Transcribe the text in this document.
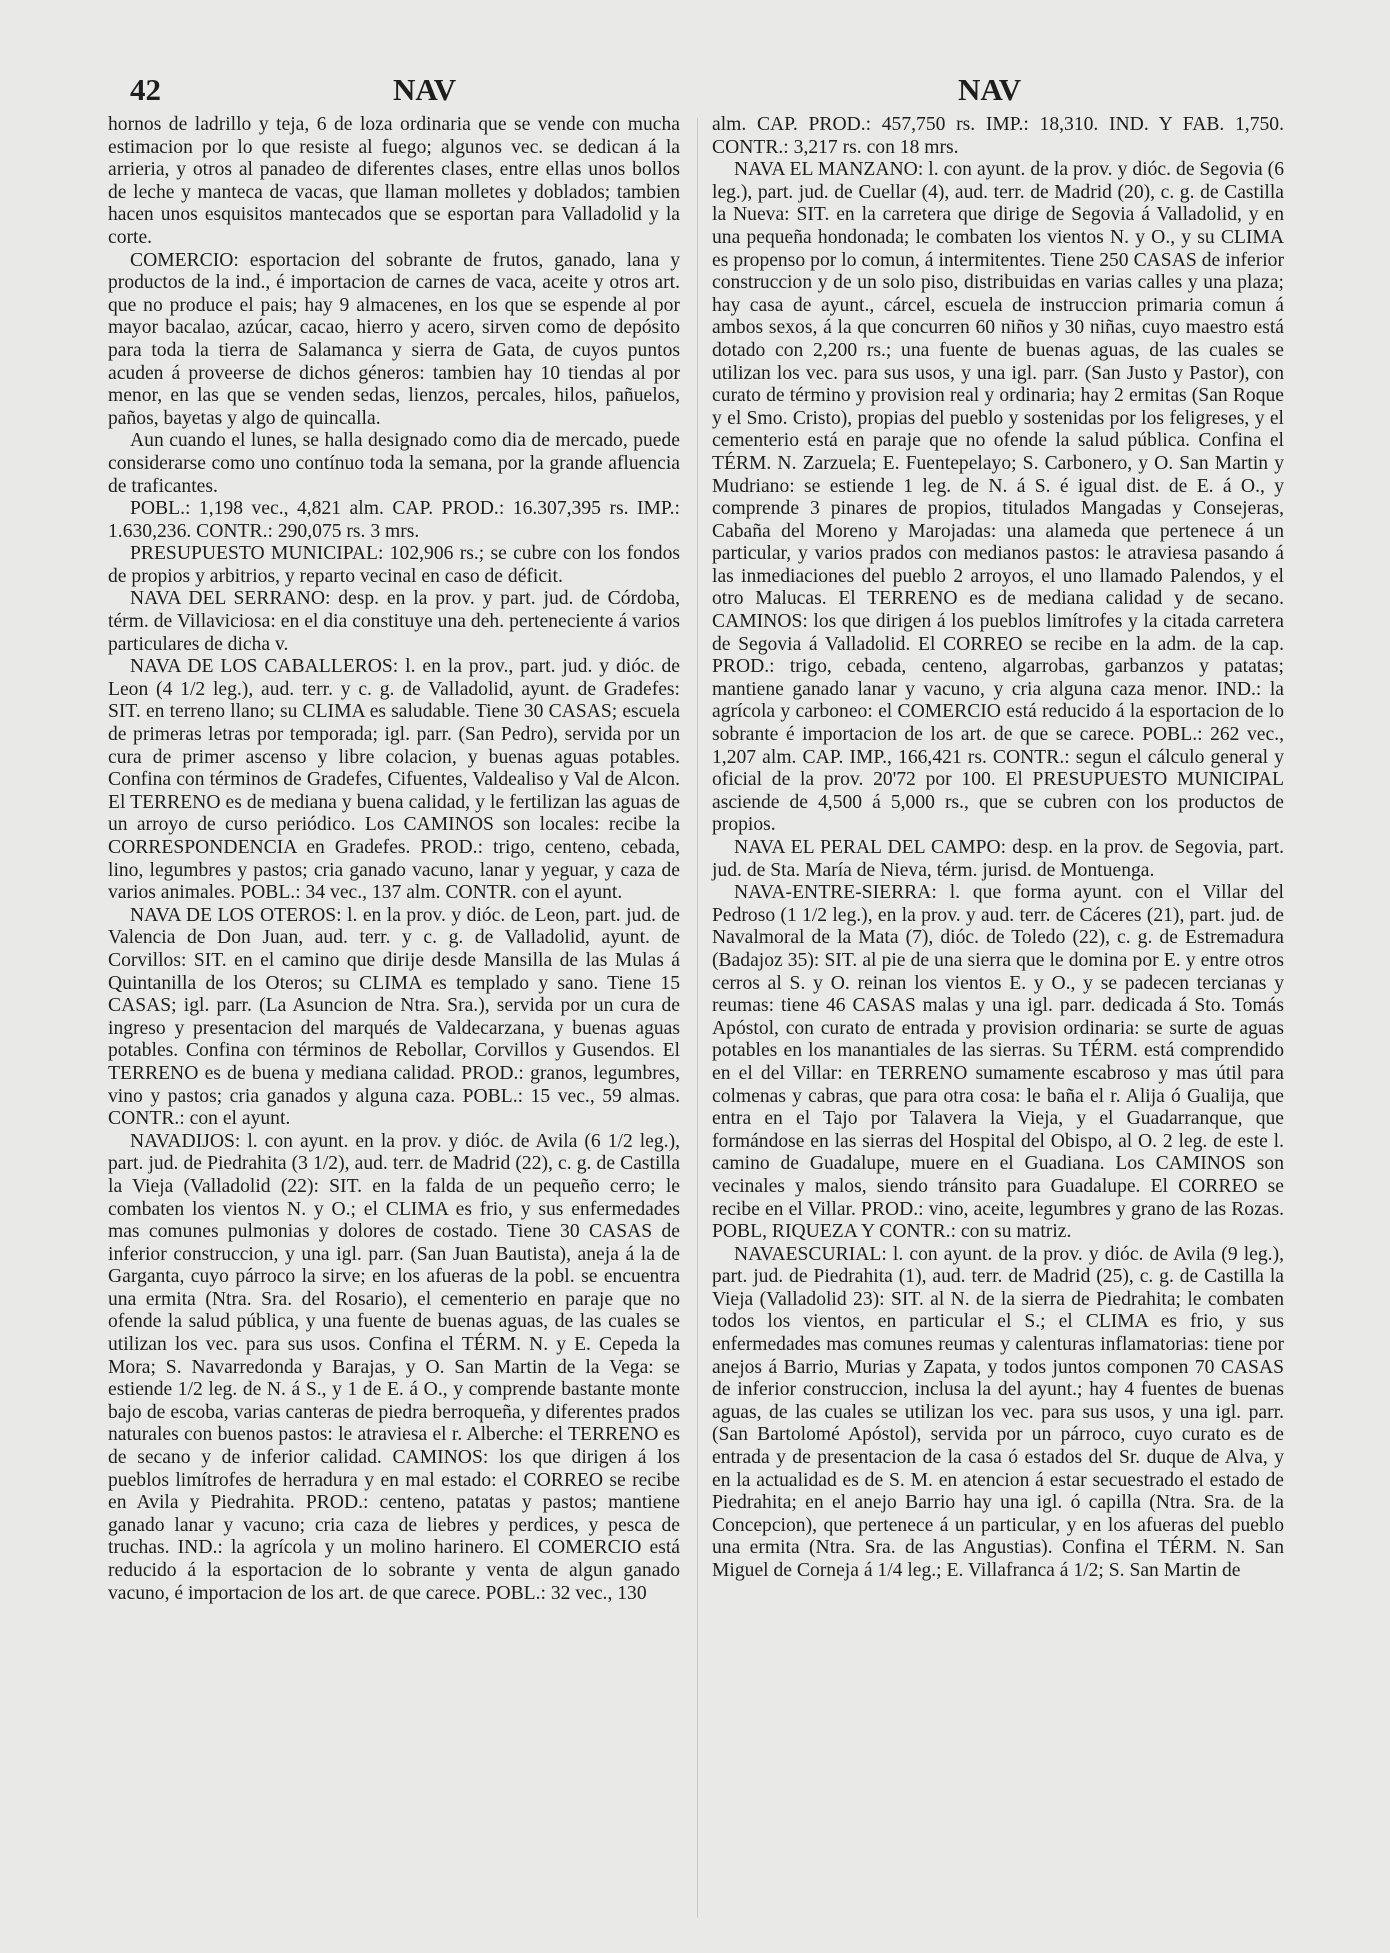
42	NAV	NAV

hornos de ladrillo y teja, 6 de loza ordinaria que se vende con mucha estimacion por lo que resiste al fuego; algunos vec. se dedican á la arrieria, y otros al panadeo de diferentes clases, entre ellas unos bollos de leche y manteca de vacas, que llaman molletes y doblados; tambien hacen unos esquisitos mantecados que se esportan para Valladolid y la corte.

COMERCIO: esportacion del sobrante de frutos, ganado, lana y productos de la ind., é importacion de carnes de vaca, aceite y otros art. que no produce el pais; hay 9 almacenes, en los que se espende al por mayor bacalao, azúcar, cacao, hierro y acero, sirven como de depósito para toda la tierra de Salamanca y sierra de Gata, de cuyos puntos acuden á proveerse de dichos géneros: tambien hay 10 tiendas al por menor, en las que se venden sedas, lienzos, percales, hilos, pañuelos, paños, bayetas y algo de quincalla.

Aun cuando el lunes, se halla designado como dia de mercado, puede considerarse como uno contínuo toda la semana, por la grande afluencia de traficantes.

POBL.: 1,198 vec., 4,821 alm. CAP. PROD.: 16.307,395 rs. IMP.: 1.630,236. CONTR.: 290,075 rs. 3 mrs.

PRESUPUESTO MUNICIPAL: 102,906 rs.; se cubre con los fondos de propios y arbitrios, y reparto vecinal en caso de déficit.

NAVA DEL SERRANO: desp. en la prov. y part. jud. de Córdoba, térm. de Villaviciosa: en el dia constituye una deh. perteneciente á varios particulares de dicha v.

NAVA DE LOS CABALLEROS: l. en la prov., part. jud. y dióc. de Leon (4 1/2 leg.), aud. terr. y c. g. de Valladolid, ayunt. de Gradefes: SIT. en terreno llano; su CLIMA es saludable. Tiene 30 CASAS; escuela de primeras letras por temporada; igl. parr. (San Pedro), servida por un cura de primer ascenso y libre colacion, y buenas aguas potables. Confina con términos de Gradefes, Cifuentes, Valdealiso y Val de Alcon. El TERRENO es de mediana y buena calidad, y le fertilizan las aguas de un arroyo de curso periódico. Los CAMINOS son locales: recibe la CORRESPONDENCIA en Gradefes. PROD.: trigo, centeno, cebada, lino, legumbres y pastos; cria ganado vacuno, lanar y yeguar, y caza de varios animales. POBL.: 34 vec., 137 alm. CONTR. con el ayunt.

NAVA DE LOS OTEROS: l. en la prov. y dióc. de Leon, part. jud. de Valencia de Don Juan, aud. terr. y c. g. de Valladolid, ayunt. de Corvillos: SIT. en el camino que dirije desde Mansilla de las Mulas á Quintanilla de los Oteros; su CLIMA es templado y sano. Tiene 15 CASAS; igl. parr. (La Asuncion de Ntra. Sra.), servida por un cura de ingreso y presentacion del marqués de Valdecarzana, y buenas aguas potables. Confina con términos de Rebollar, Corvillos y Gusendos. El TERRENO es de buena y mediana calidad. PROD.: granos, legumbres, vino y pastos; cria ganados y alguna caza. POBL.: 15 vec., 59 almas. CONTR.: con el ayunt.

NAVADIJOS: l. con ayunt. en la prov. y dióc. de Avila (6 1/2 leg.), part. jud. de Piedrahita (3 1/2), aud. terr. de Madrid (22), c. g. de Castilla la Vieja (Valladolid (22): SIT. en la falda de un pequeño cerro; le combaten los vientos N. y O.; el CLIMA es frio, y sus enfermedades mas comunes pulmonias y dolores de costado. Tiene 30 CASAS de inferior construccion, y una igl. parr. (San Juan Bautista), aneja á la de Garganta, cuyo párroco la sirve; en los afueras de la pobl. se encuentra una ermita (Ntra. Sra. del Rosario), el cementerio en paraje que no ofende la salud pública, y una fuente de buenas aguas, de las cuales se utilizan los vec. para sus usos. Confina el TÉRM. N. y E. Cepeda la Mora; S. Navarredonda y Barajas, y O. San Martin de la Vega: se estiende 1/2 leg. de N. á S., y 1 de E. á O., y comprende bastante monte bajo de escoba, varias canteras de piedra berroqueña, y diferentes prados naturales con buenos pastos: le atraviesa el r. Alberche: el TERRENO es de secano y de inferior calidad. CAMINOS: los que dirigen á los pueblos limítrofes de herradura y en mal estado: el CORREO se recibe en Avila y Piedrahita. PROD.: centeno, patatas y pastos; mantiene ganado lanar y vacuno; cria caza de liebres y perdices, y pesca de truchas. IND.: la agrícola y un molino harinero. El COMERCIO está reducido á la esportacion de lo sobrante y venta de algun ganado vacuno, é importacion de los art. de que carece. POBL.: 32 vec., 130

alm. CAP. PROD.: 457,750 rs. IMP.: 18,310. IND. Y FAB. 1,750. CONTR.: 3,217 rs. con 18 mrs.

NAVA EL MANZANO: l. con ayunt. de la prov. y dióc. de Segovia (6 leg.), part. jud. de Cuellar (4), aud. terr. de Madrid (20), c. g. de Castilla la Nueva: SIT. en la carretera que dirige de Segovia á Valladolid, y en una pequeña hondonada; le combaten los vientos N. y O., y su CLIMA es propenso por lo comun, á intermitentes. Tiene 250 CASAS de inferior construccion y de un solo piso, distribuidas en varias calles y una plaza; hay casa de ayunt., cárcel, escuela de instruccion primaria comun á ambos sexos, á la que concurren 60 niños y 30 niñas, cuyo maestro está dotado con 2,200 rs.; una fuente de buenas aguas, de las cuales se utilizan los vec. para sus usos, y una igl. parr. (San Justo y Pastor), con curato de término y provision real y ordinaria; hay 2 ermitas (San Roque y el Smo. Cristo), propias del pueblo y sostenidas por los feligreses, y el cementerio está en paraje que no ofende la salud pública. Confina el TÉRM. N. Zarzuela; E. Fuentepelayo; S. Carbonero, y O. San Martin y Mudriano: se estiende 1 leg. de N. á S. é igual dist. de E. á O., y comprende 3 pinares de propios, titulados Mangadas y Consejeras, Cabaña del Moreno y Marojadas: una alameda que pertenece á un particular, y varios prados con medianos pastos: le atraviesa pasando á las inmediaciones del pueblo 2 arroyos, el uno llamado Palendos, y el otro Malucas. El TERRENO es de mediana calidad y de secano. CAMINOS: los que dirigen á los pueblos limítrofes y la citada carretera de Segovia á Valladolid. El CORREO se recibe en la adm. de la cap. PROD.: trigo, cebada, centeno, algarrobas, garbanzos y patatas; mantiene ganado lanar y vacuno, y cria alguna caza menor. IND.: la agrícola y carboneo: el COMERCIO está reducido á la esportacion de lo sobrante é importacion de los art. de que se carece. POBL.: 262 vec., 1,207 alm. CAP. IMP., 166,421 rs. CONTR.: segun el cálculo general y oficial de la prov. 20'72 por 100. El PRESUPUESTO MUNICIPAL asciende de 4,500 á 5,000 rs., que se cubren con los productos de propios.

NAVA EL PERAL DEL CAMPO: desp. en la prov. de Segovia, part. jud. de Sta. María de Nieva, térm. jurisd. de Montuenga.

NAVA-ENTRE-SIERRA: l. que forma ayunt. con el Villar del Pedroso (1 1/2 leg.), en la prov. y aud. terr. de Cáceres (21), part. jud. de Navalmoral de la Mata (7), dióc. de Toledo (22), c. g. de Estremadura (Badajoz 35): SIT. al pie de una sierra que le domina por E. y entre otros cerros al S. y O. reinan los vientos E. y O., y se padecen tercianas y reumas: tiene 46 CASAS malas y una igl. parr. dedicada á Sto. Tomás Apóstol, con curato de entrada y provision ordinaria: se surte de aguas potables en los manantiales de las sierras. Su TÉRM. está comprendido en el del Villar: en TERRENO sumamente escabroso y mas útil para colmenas y cabras, que para otra cosa: le baña el r. Alija ó Gualija, que entra en el Tajo por Talavera la Vieja, y el Guadarranque, que formándose en las sierras del Hospital del Obispo, al O. 2 leg. de este l. camino de Guadalupe, muere en el Guadiana. Los CAMINOS son vecinales y malos, siendo tránsito para Guadalupe. El CORREO se recibe en el Villar. PROD.: vino, aceite, legumbres y grano de las Rozas. POBL, RIQUEZA Y CONTR.: con su matriz.

NAVAESCURIAL: l. con ayunt. de la prov. y dióc. de Avila (9 leg.), part. jud. de Piedrahita (1), aud. terr. de Madrid (25), c. g. de Castilla la Vieja (Valladolid 23): SIT. al N. de la sierra de Piedrahita; le combaten todos los vientos, en particular el S.; el CLIMA es frio, y sus enfermedades mas comunes reumas y calenturas inflamatorias: tiene por anejos á Barrio, Murias y Zapata, y todos juntos componen 70 CASAS de inferior construccion, inclusa la del ayunt.; hay 4 fuentes de buenas aguas, de las cuales se utilizan los vec. para sus usos, y una igl. parr. (San Bartolomé Apóstol), servida por un párroco, cuyo curato es de entrada y de presentacion de la casa ó estados del Sr. duque de Alva, y en la actualidad es de S. M. en atencion á estar secuestrado el estado de Piedrahita; en el anejo Barrio hay una igl. ó capilla (Ntra. Sra. de la Concepcion), que pertenece á un particular, y en los afueras del pueblo una ermita (Ntra. Sra. de las Angustias). Confina el TÉRM. N. San Miguel de Corneja á 1/4 leg.; E. Villafranca á 1/2; S. San Martin de
